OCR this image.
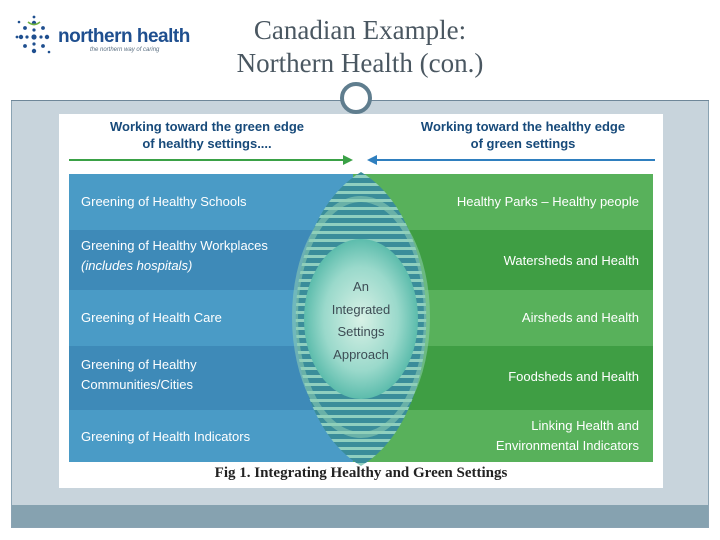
northern health
the northern way of caring
Canadian Example:
Northern Health (con.)
Working toward the green edge
of healthy settings....
Working toward the healthy edge
of green settings
Greening of Healthy Schools
Greening of Healthy Workplaces
(includes hospitals)
Greening of Health Care
Greening of Healthy
Communities/Cities
Greening of Health Indicators
Healthy Parks – Healthy people
Watersheds and Health
Airsheds and Health
Foodsheds and Health
Linking Health and
Environmental Indicators
An
Integrated
Settings
Approach
Fig 1. Integrating Healthy and Green Settings
